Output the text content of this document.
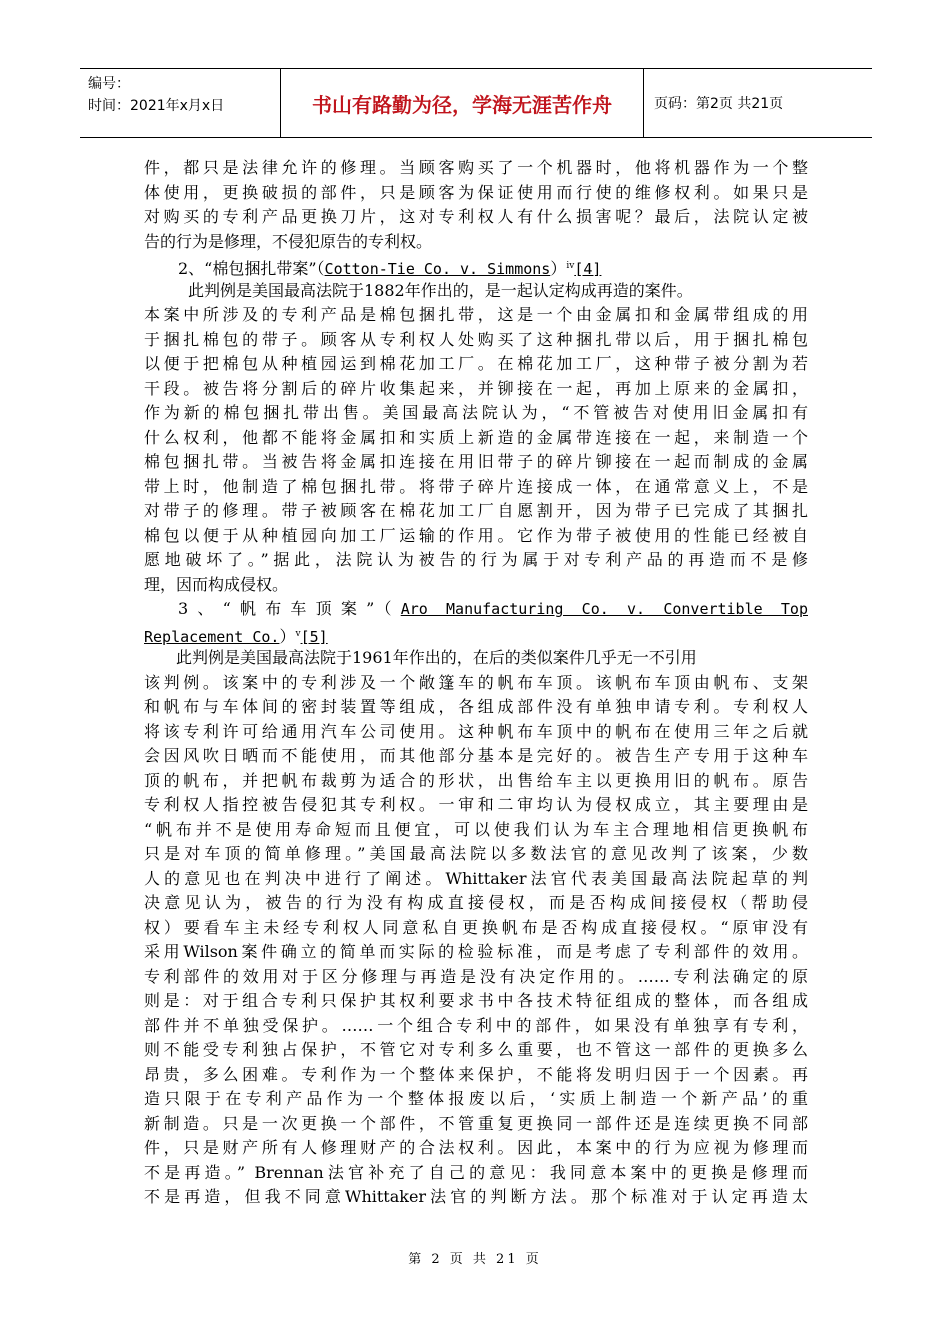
编号：
时间：2021年x月x日	书山有路勤为径，学海无涯苦作舟	页码：第2页 共21页
件，都只是法律允许的修理。当顾客购买了一个机器时，他将机器作为一个整
体使用，更换破损的部件，只是顾客为保证使用而行使的维修权利。如果只是
对购买的专利产品更换刀片，这对专利权人有什么损害呢？最后，法院认定被
告的行为是修理，不侵犯原告的专利权。
2、“棉包捆扎带案”（Cotton-Tie Co. v. Simmons）$^{iv}$[4]
此判例是美国最高法院于1882年作出的，是一起认定构成再造的案件。
本案中所涉及的专利产品是棉包捆扎带，这是一个由金属扣和金属带组成的用
于捆扎棉包的带子。顾客从专利权人处购买了这种捆扎带以后，用于捆扎棉包
以便于把棉包从种植园运到棉花加工厂。在棉花加工厂，这种带子被分割为若
干段。被告将分割后的碎片收集起来，并铆接在一起，再加上原来的金属扣，
作为新的棉包捆扎带出售。美国最高法院认为，“不管被告对使用旧金属扣有
什么权利，他都不能将金属扣和实质上新造的金属带连接在一起，来制造一个
棉包捆扎带。当被告将金属扣连接在用旧带子的碎片铆接在一起而制成的金属
带上时，他制造了棉包捆扎带。将带子碎片连接成一体，在通常意义上，不是
对带子的修理。带子被顾客在棉花加工厂自愿割开，因为带子已完成了其捆扎
棉包以便于从种植园向加工厂运输的作用。它作为带子被使用的性能已经被自
愿地破坏了。”据此，法院认为被告的行为属于对专利产品的再造而不是修
理，因而构成侵权。
3、“帆布车顶案”（Aro Manufacturing Co. v. Convertible Top
Replacement Co.）$^v$[5]
此判例是美国最高法院于1961年作出的，在后的类似案件几乎无一不引用
该判例。该案中的专利涉及一个敞篷车的帆布车顶。该帆布车顶由帆布、支架
和帆布与车体间的密封装置等组成，各组成部件没有单独申请专利。专利权人
将该专利许可给通用汽车公司使用。这种帆布车顶中的帆布在使用三年之后就
会因风吹日晒而不能使用，而其他部分基本是完好的。被告生产专用于这种车
顶的帆布，并把帆布裁剪为适合的形状，出售给车主以更换用旧的帆布。原告
专利权人指控被告侵犯其专利权。一审和二审均认为侵权成立，其主要理由是
“帆布并不是使用寿命短而且便宜，可以使我们认为车主合理地相信更换帆布
只是对车顶的简单修理。”美国最高法院以多数法官的意见改判了该案，少数
人的意见也在判决中进行了阐述。Whittaker法官代表美国最高法院起草的判
决意见认为，被告的行为没有构成直接侵权，而是否构成间接侵权（帮助侵
权）要看车主未经专利权人同意私自更换帆布是否构成直接侵权。“原审没有
采用Wilson案件确立的简单而实际的检验标准，而是考虑了专利部件的效用。
专利部件的效用对于区分修理与再造是没有决定作用的。……专利法确定的原
则是：对于组合专利只保护其权利要求书中各技术特征组成的整体，而各组成
部件并不单独受保护。……一个组合专利中的部件，如果没有单独享有专利，
则不能受专利独占保护，不管它对专利多么重要，也不管这一部件的更换多么
昂贵，多么困难。专利作为一个整体来保护，不能将发明归因于一个因素。再
造只限于在专利产品作为一个整体报废以后，‘实质上制造一个新产品’的重
新制造。只是一次更换一个部件，不管重复更换同一部件还是连续更换不同部
件，只是财产所有人修理财产的合法权利。因此，本案中的行为应视为修理而
不是再造。” Brennan法官补充了自己的意见：我同意本案中的更换是修理而
不是再造，但我不同意Whittaker法官的判断方法。那个标准对于认定再造太
第 2 页 共 21 页
